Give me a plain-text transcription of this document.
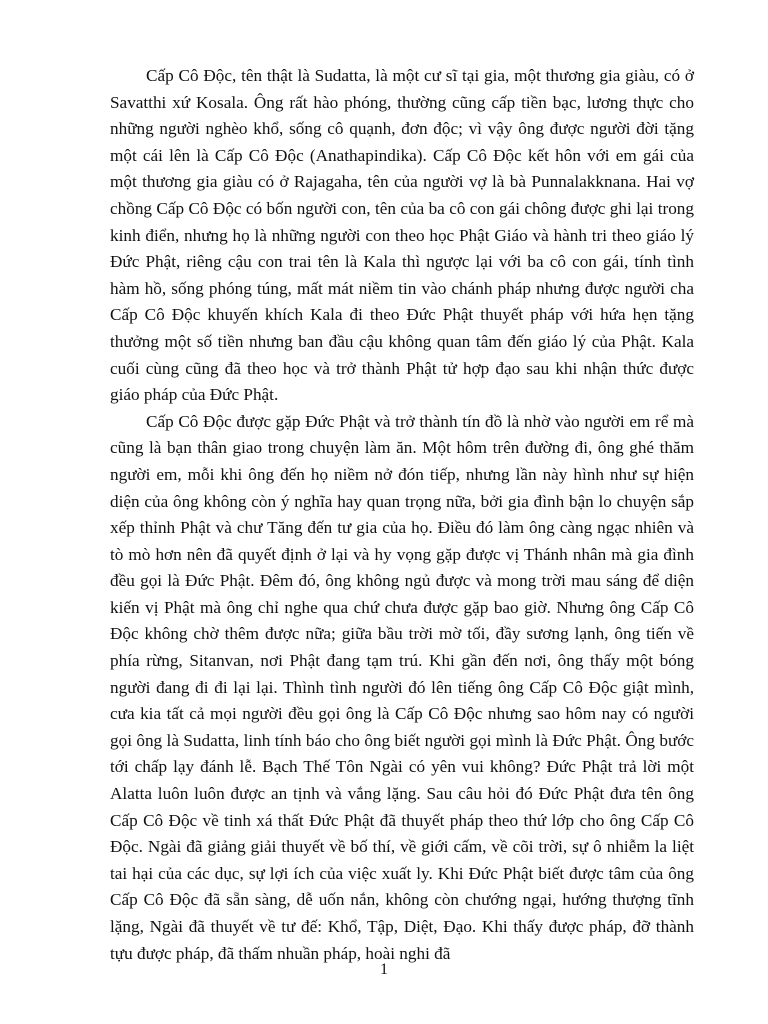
Cấp Cô Độc, tên thật là Sudatta, là một cư sĩ tại gia, một thương gia giàu, có ở Savatthi xứ Kosala. Ông rất hào phóng, thường cũng cấp tiền bạc, lương thực cho những người nghèo khổ, sống cô quạnh, đơn độc; vì vậy ông được người đời tặng một cái lên là Cấp Cô Độc (Anathapindika). Cấp Cô Độc kết hôn với em gái của một thương gia giàu có ở Rajagaha, tên của người vợ là bà Punnalakknana. Hai vợ chồng Cấp Cô Độc có bốn người con, tên của ba cô con gái chông được ghi lại trong kinh điển, nhưng họ là những người con theo học Phật Giáo và hành tri theo giáo lý Đức Phật, riêng cậu con trai tên là Kala thì ngược lại với ba cô con gái, tính tình hàm hồ, sống phóng túng, mất mát niềm tin vào chánh pháp nhưng được người cha Cấp Cô Độc khuyến khích Kala đi theo Đức Phật thuyết pháp với hứa hẹn tặng thưởng một số tiền nhưng ban đầu cậu không quan tâm đến giáo lý của Phật. Kala cuối cùng cũng đã theo học và trở thành Phật tử hợp đạo sau khi nhận thức được giáo pháp của Đức Phật.

Cấp Cô Độc được gặp Đức Phật và trở thành tín đồ là nhờ vào người em rể mà cũng là bạn thân giao trong chuyện làm ăn. Một hôm trên đường đi, ông ghé thăm người em, mỗi khi ông đến họ niềm nở đón tiếp, nhưng lần này hình như sự hiện diện của ông không còn ý nghĩa hay quan trọng nữa, bởi gia đình bận lo chuyện sắp xếp thỉnh Phật và chư Tăng đến tư gia của họ. Điều đó làm ông càng ngạc nhiên và tò mò hơn nên đã quyết định ở lại và hy vọng gặp được vị Thánh nhân mà gia đình đều gọi là Đức Phật. Đêm đó, ông không ngủ được và mong trời mau sáng để diện kiến vị Phật mà ông chỉ nghe qua chứ chưa được gặp bao giờ. Nhưng ông Cấp Cô Độc không chờ thêm được nữa; giữa bầu trời mờ tối, đầy sương lạnh, ông tiến về phía rừng, Sitanvan, nơi Phật đang tạm trú. Khi gần đến nơi, ông thấy một bóng người đang đi đi lại lại. Thình tình người đó lên tiếng ông Cấp Cô Độc giật mình, cưa kia tất cả mọi người đều gọi ông là Cấp Cô Độc nhưng sao hôm nay có người gọi ông là Sudatta, linh tính báo cho ông biết người gọi mình là Đức Phật. Ông bước tới chấp lạy đánh lễ. Bạch Thế Tôn Ngài có yên vui không? Đức Phật trả lời một Alatta luôn luôn được an tịnh và vắng lặng. Sau câu hỏi đó Đức Phật đưa tên ông Cấp Cô Độc về tinh xá thất Đức Phật đã thuyết pháp theo thứ lớp cho ông Cấp Cô Độc. Ngài đã giảng giải thuyết về bố thí, về giới cấm, về cõi trời, sự ô nhiễm la liệt tai hại của các dục, sự lợi ích của việc xuất ly. Khi Đức Phật biết được tâm của ông Cấp Cô Độc đã sẵn sàng, dễ uốn nắn, không còn chướng ngại, hướng thượng tĩnh lặng, Ngài đã thuyết về tư đế: Khổ, Tập, Diệt, Đạo. Khi thấy được pháp, đỡ thành tựu được pháp, đã thấm nhuần pháp, hoài nghi đã

1
